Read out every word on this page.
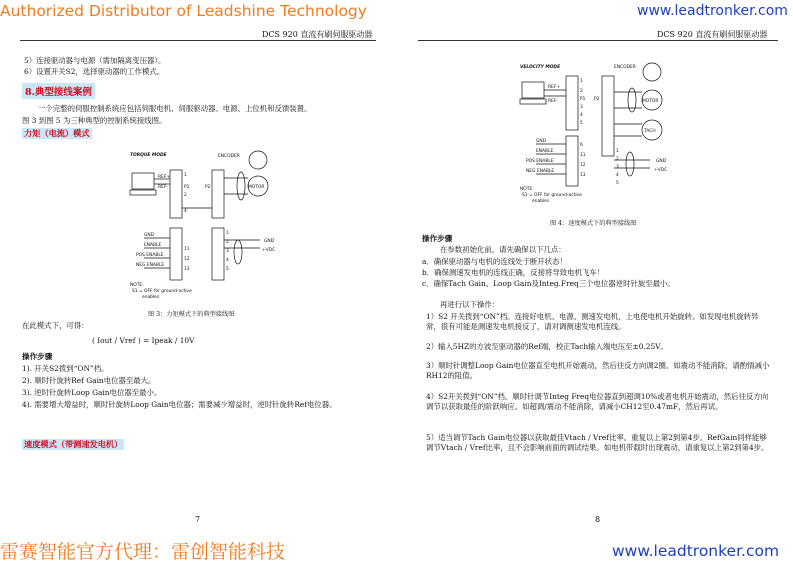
Authorized Distributor of Leadshine Technology	www.leadtronker.com
雷赛智能官方代理：雷创智能科技	www.leadtronker.com
DCS 920 直流有刷伺服驱动器
5）连接驱动器与电源（需加隔离变压器）。
6）设置开关S2，选择驱动器的工作模式。
8.典型接线案例
一个完整的伺服控制系统应包括伺服电机、伺服驱动器、电源、上位机和反馈装置。
图 3 到图 5 为三种典型的控制系统接线图。
力矩（电流）模式
TORQUE MODE	ENCODER
MOTOR
REF+
REF-	P1	P2
GND
ENABLE
POS ENABLE
NEG ENABLE
GND
+VDC
NOTE:
S1 = OFF for ground-active
enables
1
2
4
11
12
13
1
2
3
4
5
图 3：力矩模式下的典型接线图
在此模式下，可得：
( Iout / Vref ) = Ipeak / 10V
操作步骤
1). 开关S2拨到“ON”档。
2). 顺时针旋转Ref Gain电位器至最大。
3). 逆时针旋转Loop Gain电位器至最小。
4). 需要增大增益时，顺时针旋转Loop Gain电位器；需要减少增益时，逆时针旋转Ref电位器。
速度模式（带测速发电机）
7
DCS 920 直流有刷伺服驱动器
VELOCITY MODE	ENCODER
MOTOR
TACH
REF+
REF-	P1 P2
GND
ENABLE
POS ENABLE
NEG ENABLE
GND
+VDC
NOTE:
S1 = OFF for ground-active
enables
1
2
3
4
5
6
11
12
13
1
2
3
4
5
图 4：速度模式下的典型接线图
操作步骤
在参数初始化前，请先确保以下几点：
a．确保驱动器与电机的连线处于断开状态！
b．确保测速发电机的连线正确，反接将导致电机飞车！
c．确保Tach Gain、Loop Gain及Integ.Freq三个电位器逆时针旋至最小。
再进行以下操作：
1）S2 开关拨到“ON”档。连接好电机、电源、测速发电机，上电使电机开始旋转。如发现电机旋转异常，很有可能是测速发电机接反了，请对调测速发电机连线。
2）输入5HZ的方波至驱动器的Ref端，校正Tach输入端电压至±0.25V。
3）顺时针调整Loop Gain电位器直至电机开始震动，然后往反方向调2圈。如震动不能消除，请酌情减小RH12的阻值。
4）S2开关拨到“ON”档。顺时针调节Integ Freq电位器直到超调10%或者电机开始震动，然后往反方向调节以获取最佳的阶跃响应。如超调/震动不能消除，请减小CH12至0.47mF，然后再试。
5）适当调节Tach Gain电位器以获取最佳Vtach / Vref比率。重复以上第2到第4步。RefGain同样能够调节Vtach / Vref比率，且不会影响前面的调试结果。如电机带载时出现震动，请重复以上第2到第4步。
8
